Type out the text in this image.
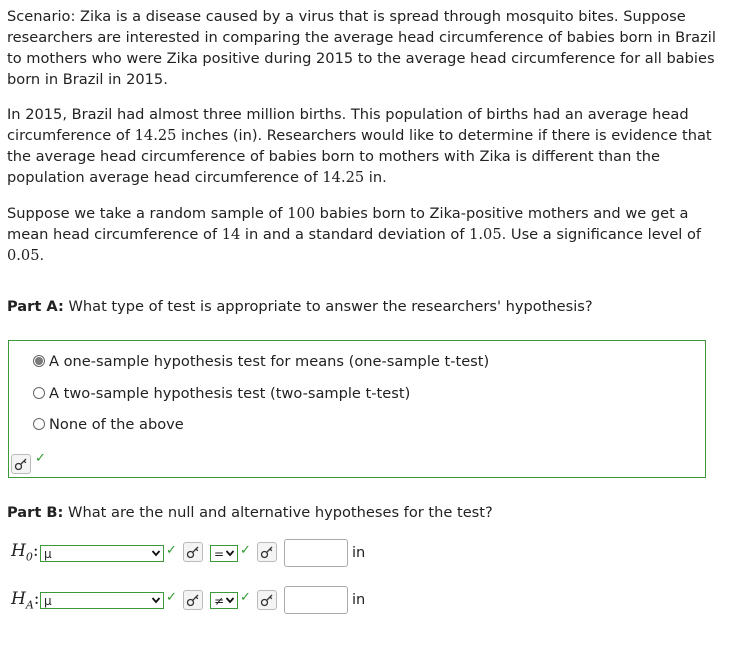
Scenario: Zika is a disease caused by a virus that is spread through mosquito bites. Suppose researchers are interested in comparing the average head circumference of babies born in Brazil to mothers who were Zika positive during 2015 to the average head circumference for all babies born in Brazil in 2015.

In 2015, Brazil had almost three million births. This population of births had an average head circumference of 14.25 inches (in). Researchers would like to determine if there is evidence that the average head circumference of babies born to mothers with Zika is different than the population average head circumference of 14.25 in.

Suppose we take a random sample of 100 babies born to Zika-positive mothers and we get a mean head circumference of 14 in and a standard deviation of 1.05. Use a significance level of 0.05.

Part A: What type of test is appropriate to answer the researchers' hypothesis?

A one-sample hypothesis test for means (one-sample t-test)
A two-sample hypothesis test (two-sample t-test)
None of the above
✓

Part B: What are the null and alternative hypotheses for the test?

$H_0$: μ	✓	= ✓	in
$H_A$: μ	✓	≠ ✓	in
